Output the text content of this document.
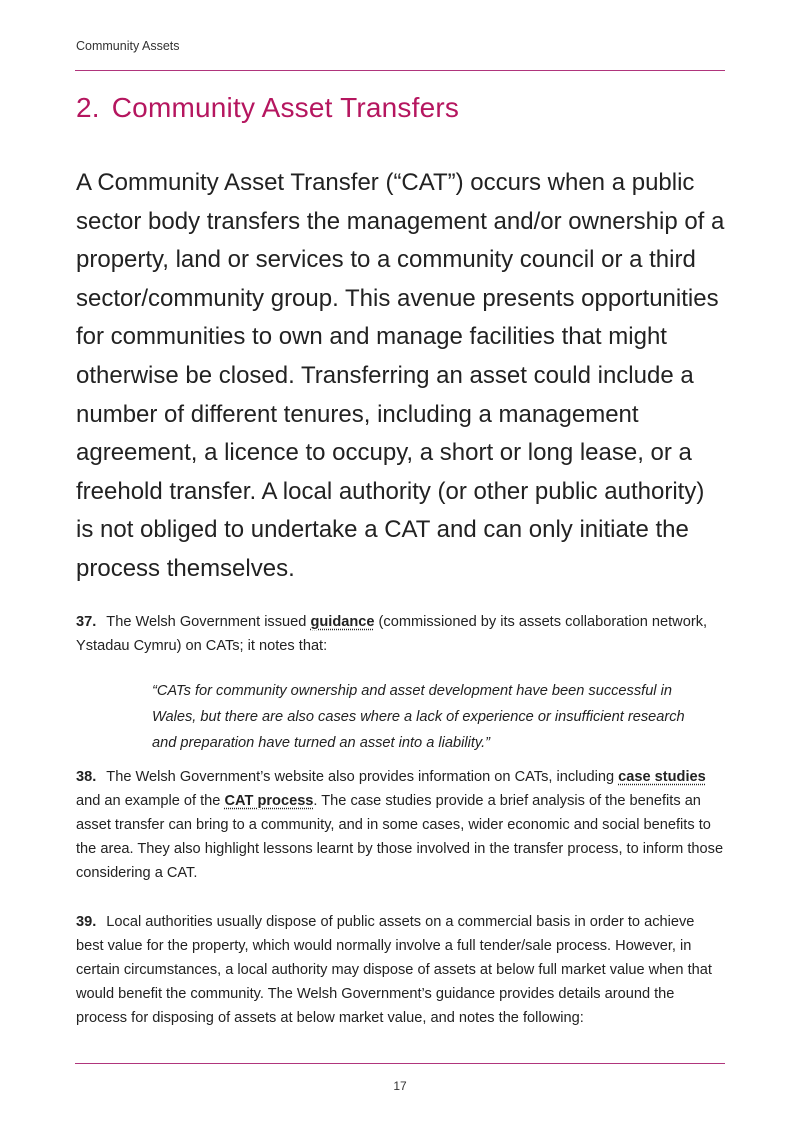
Community Assets
2. Community Asset Transfers

A Community Asset Transfer (“CAT”) occurs when a public sector body transfers the management and/or ownership of a property, land or services to a community council or a third sector/community group. This avenue presents opportunities for communities to own and manage facilities that might otherwise be closed. Transferring an asset could include a number of different tenures, including a management agreement, a licence to occupy, a short or long lease, or a freehold transfer. A local authority (or other public authority) is not obliged to undertake a CAT and can only initiate the process themselves.

37. The Welsh Government issued guidance (commissioned by its assets collaboration network, Ystadau Cymru) on CATs; it notes that:

“CATs for community ownership and asset development have been successful in Wales, but there are also cases where a lack of experience or insufficient research and preparation have turned an asset into a liability.”

38. The Welsh Government’s website also provides information on CATs, including case studies and an example of the CAT process. The case studies provide a brief analysis of the benefits an asset transfer can bring to a community, and in some cases, wider economic and social benefits to the area. They also highlight lessons learnt by those involved in the transfer process, to inform those considering a CAT.

39. Local authorities usually dispose of public assets on a commercial basis in order to achieve best value for the property, which would normally involve a full tender/sale process. However, in certain circumstances, a local authority may dispose of assets at below full market value when that would benefit the community. The Welsh Government’s guidance provides details around the process for disposing of assets at below market value, and notes the following:

17
